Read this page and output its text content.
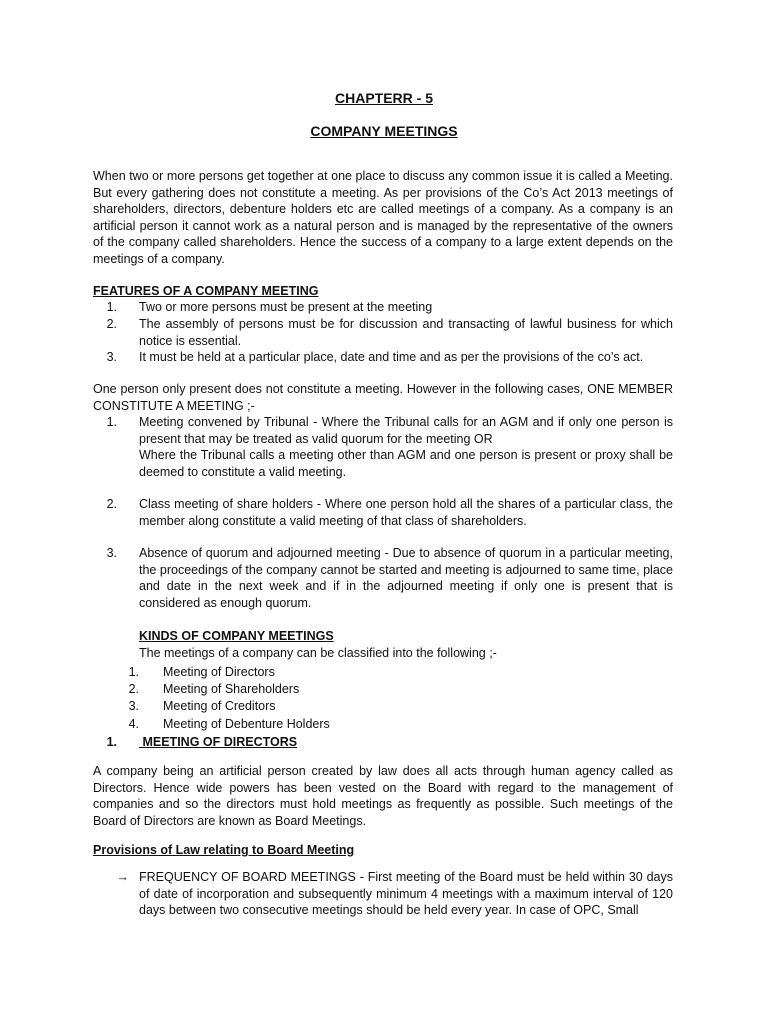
CHAPTERR - 5
COMPANY MEETINGS
When two or more persons get together at one place to discuss any common issue it is called a Meeting. But every gathering does not constitute a meeting. As per provisions of the Co’s Act 2013 meetings of shareholders, directors, debenture holders etc are called meetings of a company. As a company is an artificial person it cannot work as a natural person and is managed by the representative of the owners of the company called shareholders. Hence the success of a company to a large extent depends on the meetings of a company.
FEATURES OF A COMPANY MEETING
1. Two or more persons must be present at the meeting
2. The assembly of persons must be for discussion and transacting of lawful business for which notice is essential.
3. It must be held at a particular place, date and time and as per the provisions of the co’s act.
One person only present does not constitute a meeting. However in the following cases, ONE MEMBER CONSTITUTE A MEETING ;-
1. Meeting convened by Tribunal - Where the Tribunal calls for an AGM and if only one person is present that may be treated as valid quorum for the meeting OR
Where the Tribunal calls a meeting other than AGM and one person is present or proxy shall be deemed to constitute a valid meeting.
2. Class meeting of share holders - Where one person hold all the shares of a particular class, the member along constitute a valid meeting of that class of shareholders.
3. Absence of quorum and adjourned meeting - Due to absence of quorum in a particular meeting, the proceedings of the company cannot be started and meeting is adjourned to same time, place and date in the next week and if in the adjourned meeting if only one is present that is considered as enough quorum.
KINDS OF COMPANY MEETINGS
The meetings of a company can be classified into the following ;-
1. Meeting of Directors
2. Meeting of Shareholders
3. Meeting of Creditors
4. Meeting of Debenture Holders
1. MEETING OF DIRECTORS
A company being an artificial person created by law does all acts through human agency called as Directors. Hence wide powers has been vested on the Board with regard to the management of companies and so the directors must hold meetings as frequently as possible. Such meetings of the Board of Directors are known as Board Meetings.
Provisions of Law relating to Board Meeting
→ FREQUENCY OF BOARD MEETINGS - First meeting of the Board must be held within 30 days of date of incorporation and subsequently minimum 4 meetings with a maximum interval of 120 days between two consecutive meetings should be held every year. In case of OPC, Small
